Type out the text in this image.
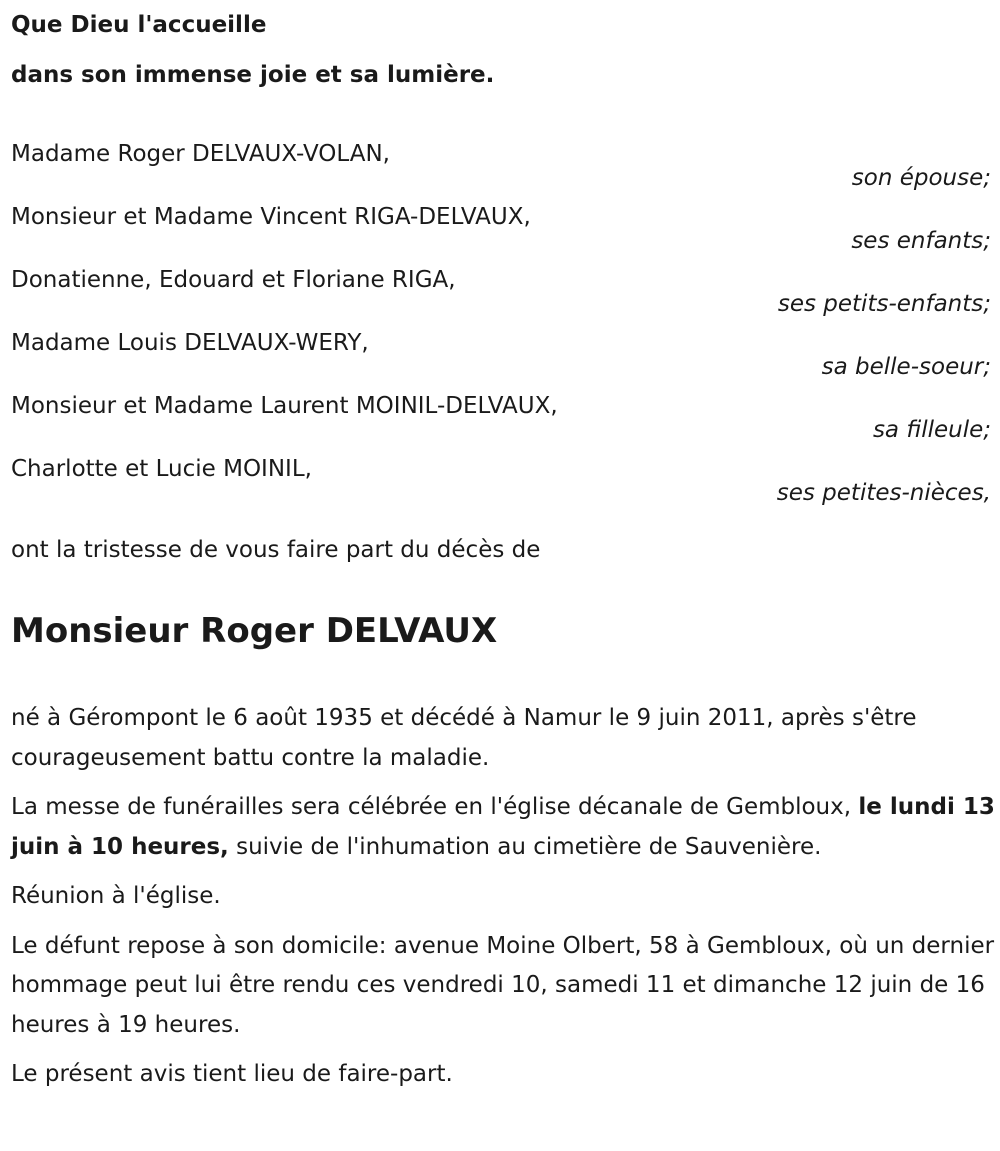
Que Dieu l'accueille

dans son immense joie et sa lumière.

Madame Roger DELVAUX-VOLAN,
son épouse;
Monsieur et Madame Vincent RIGA-DELVAUX,
ses enfants;
Donatienne, Edouard et Floriane RIGA,
ses petits-enfants;
Madame Louis DELVAUX-WERY,
sa belle-soeur;
Monsieur et Madame Laurent MOINIL-DELVAUX,
sa filleule;
Charlotte et Lucie MOINIL,
ses petites-nièces,

ont la tristesse de vous faire part du décès de

Monsieur Roger DELVAUX

né à Gérompont le 6 août 1935 et décédé à Namur le 9 juin 2011, après s'être courageusement battu contre la maladie.

La messe de funérailles sera célébrée en l'église décanale de Gembloux, le lundi 13 juin à 10 heures, suivie de l'inhumation au cimetière de Sauvenière.

Réunion à l'église.

Le défunt repose à son domicile: avenue Moine Olbert, 58 à Gembloux, où un dernier hommage peut lui être rendu ces vendredi 10, samedi 11 et dimanche 12 juin de 16 heures à 19 heures.

Le présent avis tient lieu de faire-part.
